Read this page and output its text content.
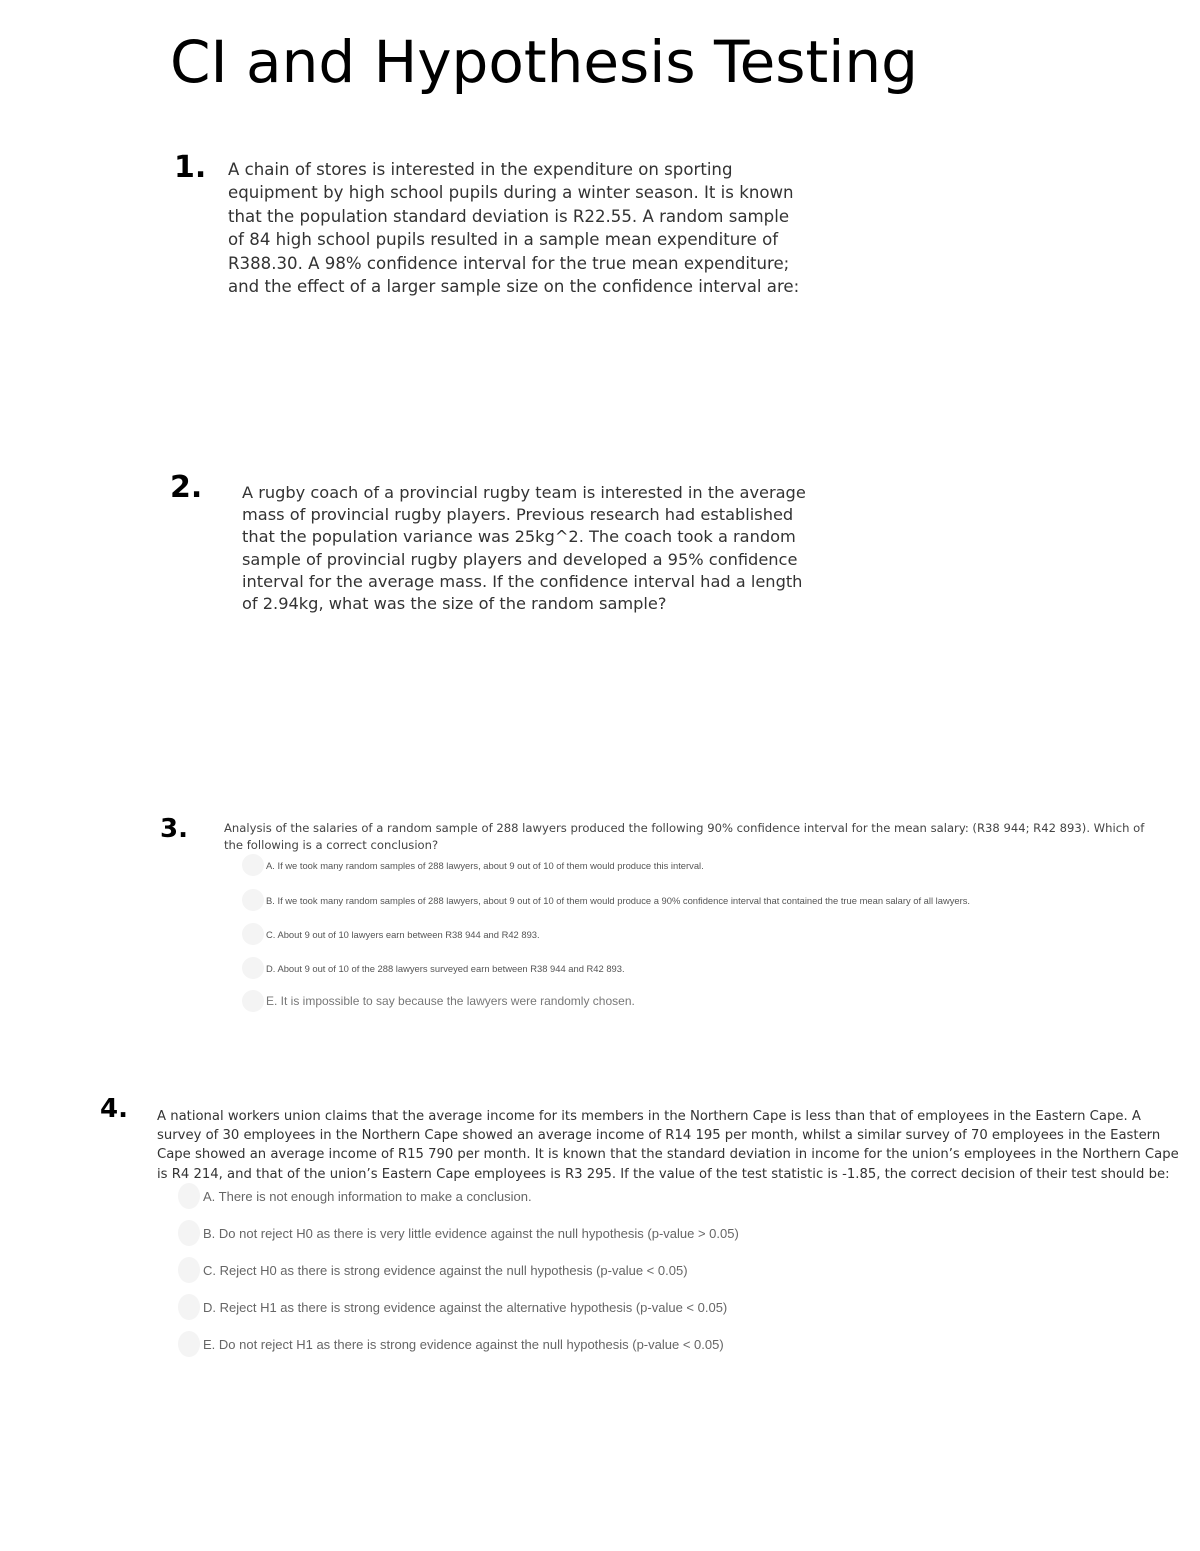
CI and Hypothesis Testing
1. A chain of stores is interested in the expenditure on sporting equipment by high school pupils during a winter season. It is known that the population standard deviation is R22.55. A random sample of 84 high school pupils resulted in a sample mean expenditure of R388.30. A 98% confidence interval for the true mean expenditure; and the effect of a larger sample size on the confidence interval are:

2. A rugby coach of a provincial rugby team is interested in the average mass of provincial rugby players. Previous research had established that the population variance was 25kg^2. The coach took a random sample of provincial rugby players and developed a 95% confidence interval for the average mass. If the confidence interval had a length of 2.94kg, what was the size of the random sample?

3.	Analysis of the salaries of a random sample of 288 lawyers produced the following 90% confidence interval for the mean salary: (R38 944; R42 893). Which of the following is a correct conclusion?

A. If we took many random samples of 288 lawyers, about 9 out of 10 of them would produce this interval.
B. If we took many random samples of 288 lawyers, about 9 out of 10 of them would produce a 90% confidence interval that contained the true mean salary of all lawyers.
C. About 9 out of 10 lawyers earn between R38 944 and R42 893.
D. About 9 out of 10 of the 288 lawyers surveyed earn between R38 944 and R42 893.
E. It is impossible to say because the lawyers were randomly chosen.
4. A national workers union claims that the average income for its members in the Northern Cape is less than that of employees in the Eastern Cape. A survey of 30 employees in the Northern Cape showed an average income of R14 195 per month, whilst a similar survey of 70 employees in the Eastern Cape showed an average income of R15 790 per month. It is known that the standard deviation in income for the union’s employees in the Northern Cape is R4 214, and that of the union’s Eastern Cape employees is R3 295. If the value of the test statistic is -1.85, the correct decision of their test should be:

A. There is not enough information to make a conclusion.
B. Do not reject H0 as there is very little evidence against the null hypothesis (p-value > 0.05)
C. Reject H0 as there is strong evidence against the null hypothesis (p-value < 0.05)
D. Reject H1 as there is strong evidence against the alternative hypothesis (p-value < 0.05)
E. Do not reject H1 as there is strong evidence against the null hypothesis (p-value < 0.05)
